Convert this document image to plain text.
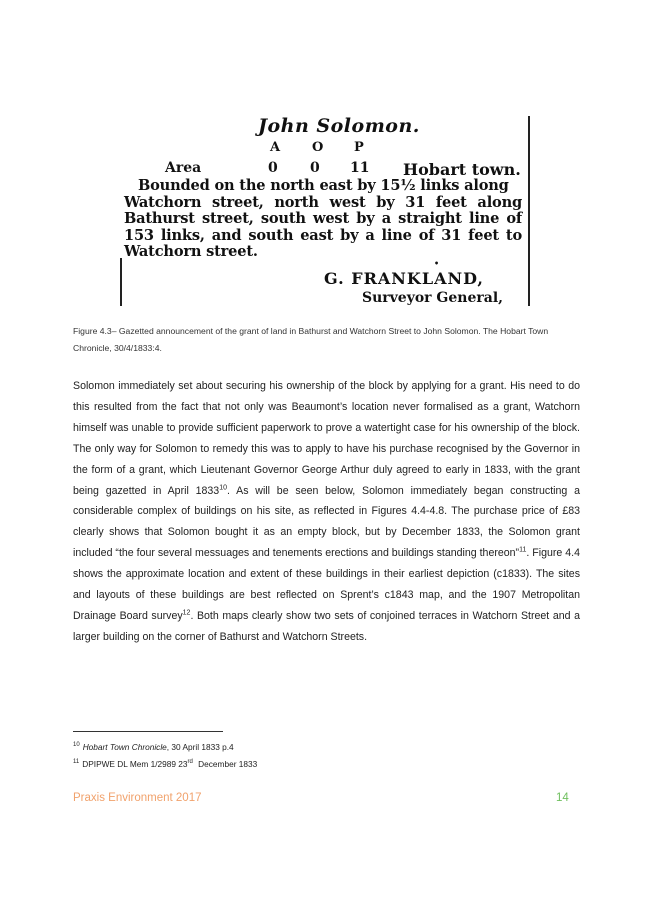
John Solomon.
A O P
Area	0 0 11 Hobart town.
Bounded on the north east by 15½ links along
Watchorn street, north west by 31 feet along Bathurst street, south west by a straight line of 153 links, and south east by a line of 31 feet to Watchorn street.
•
G. FRANKLAND,
Surveyor General,
Figure 4.3– Gazetted announcement of the grant of land in Bathurst and Watchorn Street to John Solomon. The Hobart Town Chronicle, 30/4/1833:4.
Solomon immediately set about securing his ownership of the block by applying for a grant. His need to do this resulted from the fact that not only was Beaumont’s location never formalised as a grant, Watchorn himself was unable to provide sufficient paperwork to prove a watertight case for his ownership of the block. The only way for Solomon to remedy this was to apply to have his purchase recognised by the Governor in the form of a grant, which Lieutenant Governor George Arthur duly agreed to early in 1833, with the grant being gazetted in April 1833$^{10}$. As will be seen below, Solomon immediately began constructing a considerable complex of buildings on his site, as reflected in Figures 4.4-4.8. The purchase price of £83 clearly shows that Solomon bought it as an empty block, but by December 1833, the Solomon grant included “the four several messuages and tenements erections and buildings standing thereon”$^{11}$. Figure 4.4 shows the approximate location and extent of these buildings in their earliest depiction (c1833). The sites and layouts of these buildings are best reflected on Sprent’s c1843 map, and the 1907 Metropolitan Drainage Board survey$^{12}$. Both maps clearly show two sets of conjoined terraces in Watchorn Street and a larger building on the corner of Bathurst and Watchorn Streets.
$^{10}$ Hobart Town Chronicle, 30 April 1833 p.4
$^{11}$ DPIPWE DL Mem 1/2989 23rd December 1833
Praxis Environment 2017	14
